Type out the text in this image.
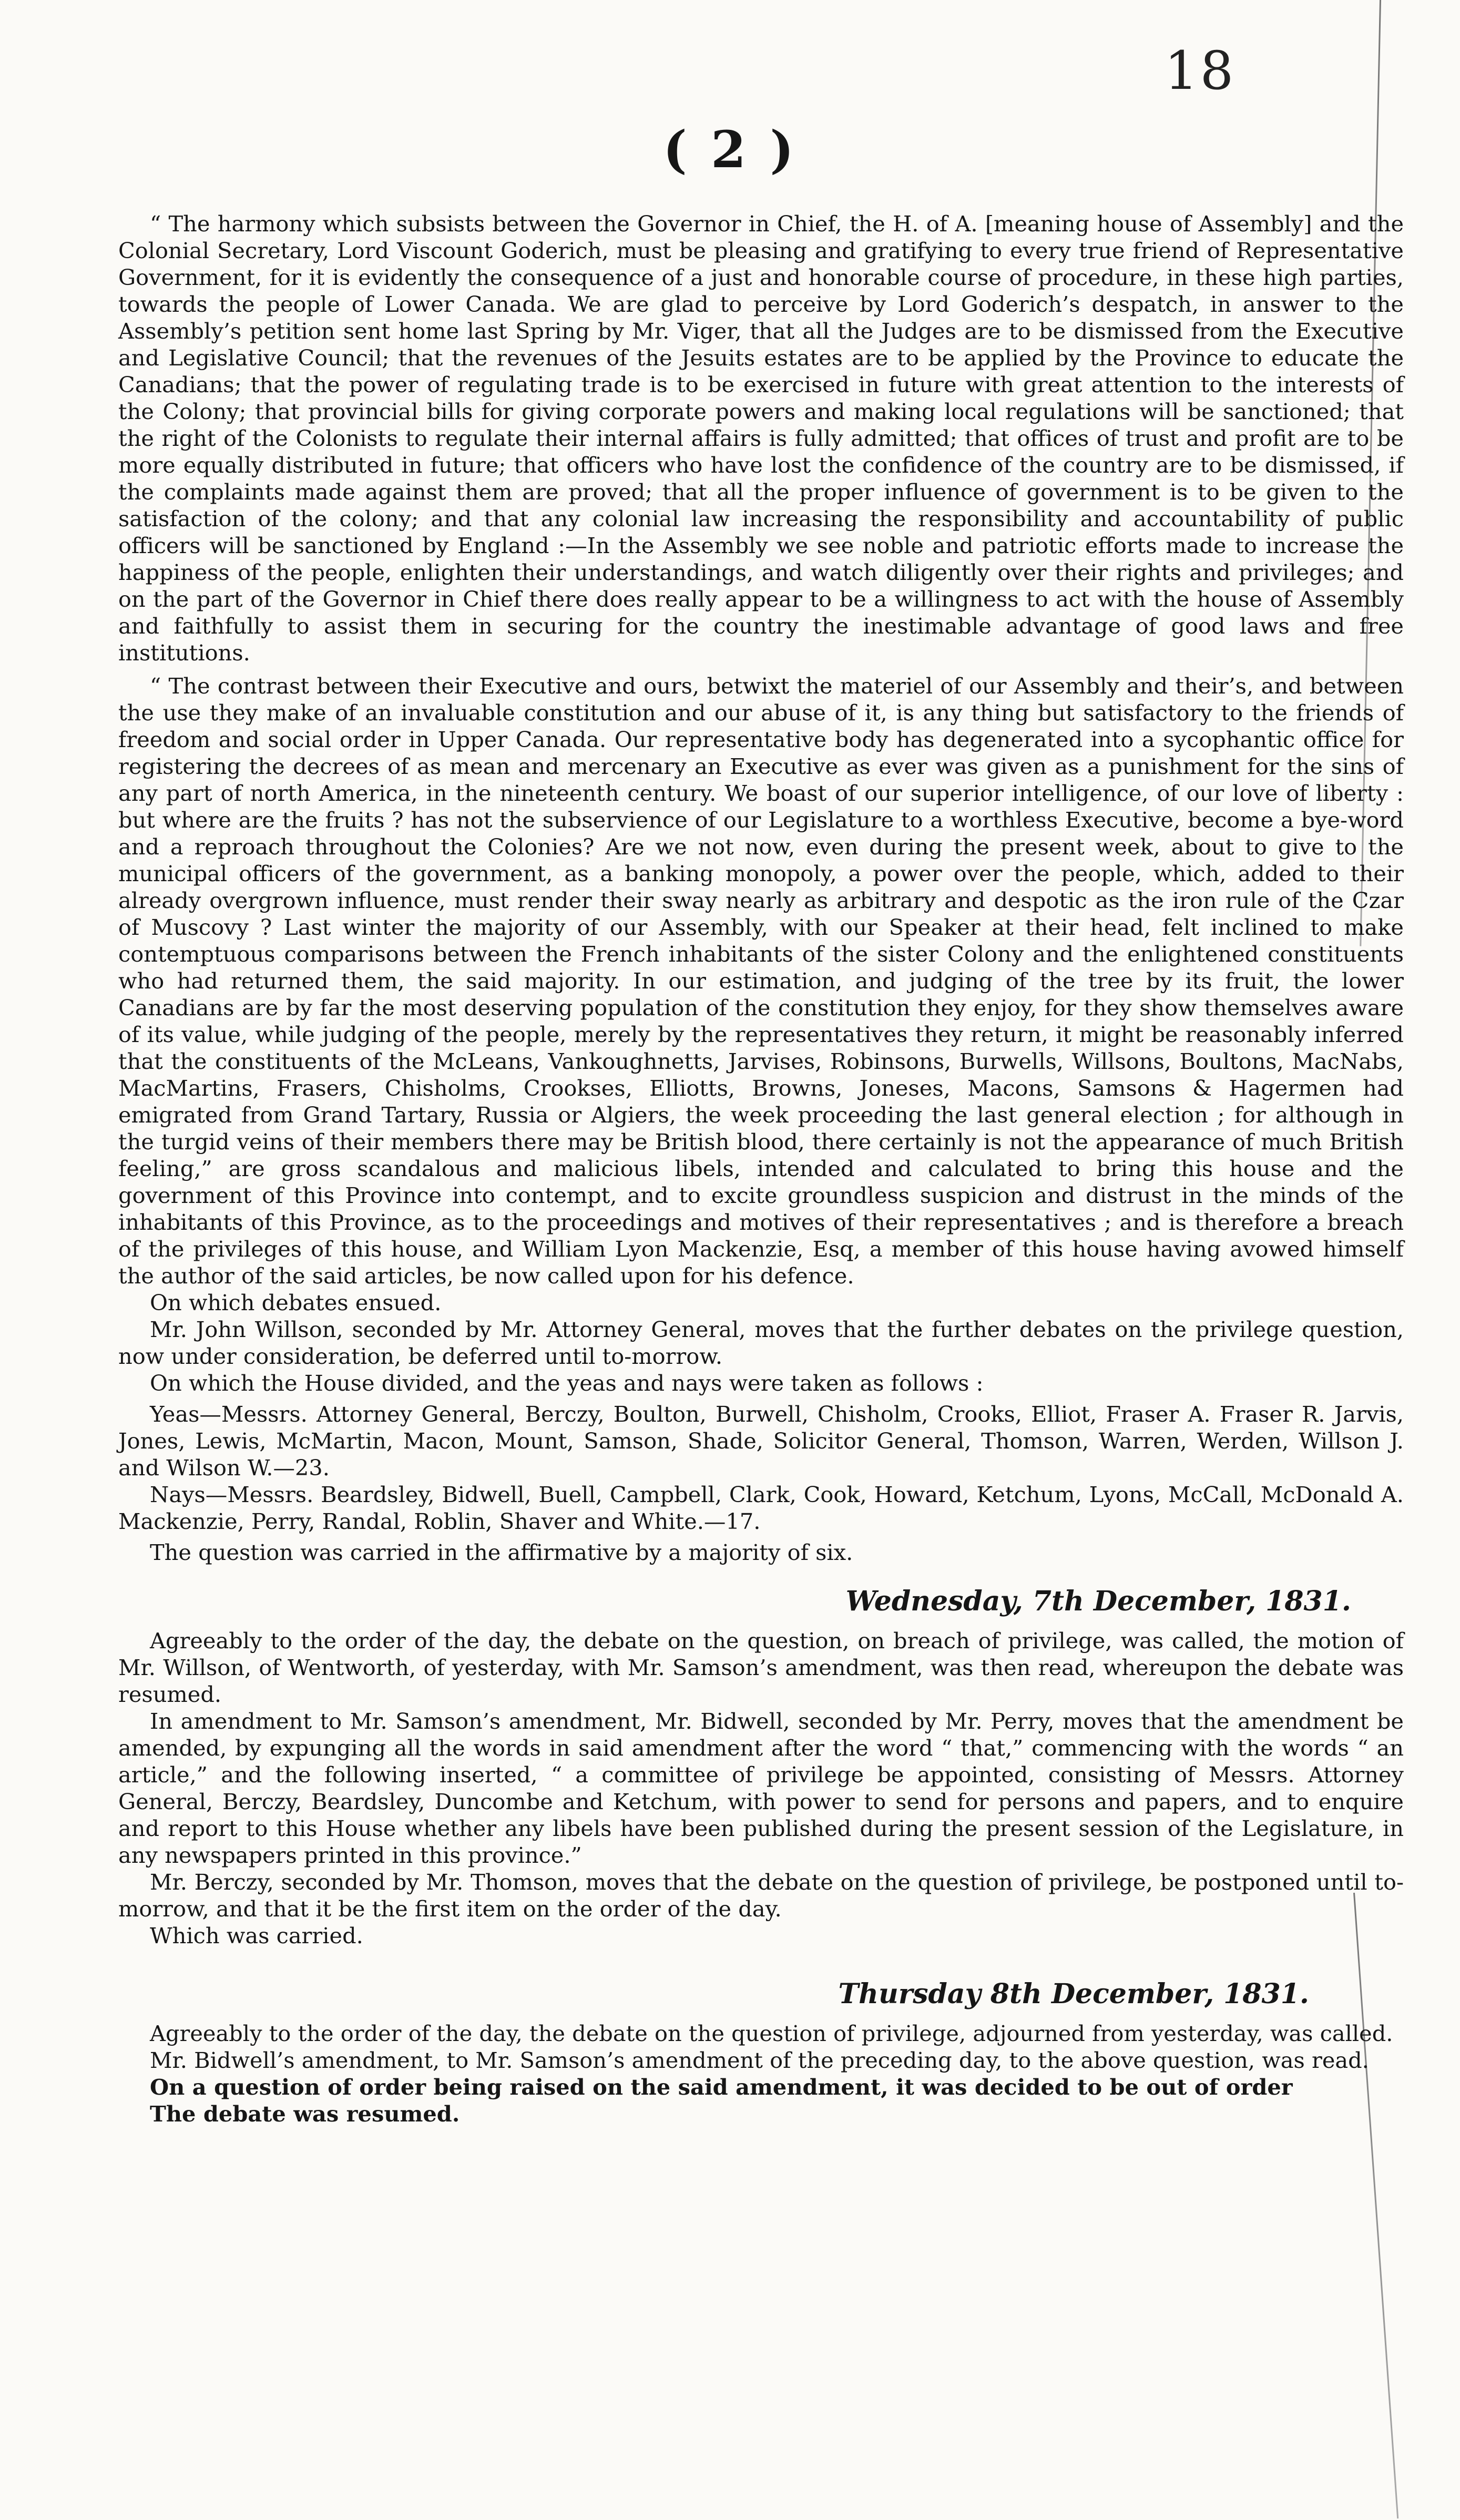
18
( 2 )

“ The harmony which subsists between the Governor in Chief, the H. of A. [meaning house of Assembly] and the Colonial Secretary, Lord Viscount Goderich, must be pleasing and gratifying to every true friend of Representative Government, for it is evidently the consequence of a just and honorable course of procedure, in these high parties, towards the people of Lower Canada. We are glad to perceive by Lord Goderich’s despatch, in answer to the Assembly’s petition sent home last Spring by Mr. Viger, that all the Judges are to be dismissed from the Executive and Legislative Council; that the revenues of the Jesuits estates are to be applied by the Province to educate the Canadians; that the power of regulating trade is to be exercised in future with great attention to the interests of the Colony; that provincial bills for giving corporate powers and making local regulations will be sanctioned; that the right of the Colonists to regulate their internal affairs is fully admitted; that offices of trust and profit are to be more equally distributed in future; that officers who have lost the confidence of the country are to be dismissed, if the complaints made against them are proved; that all the proper influence of government is to be given to the satisfaction of the colony; and that any colonial law increasing the responsibility and accountability of public officers will be sanctioned by England :—In the Assembly we see noble and patriotic efforts made to increase the happiness of the people, enlighten their understandings, and watch diligently over their rights and privileges; and on the part of the Governor in Chief there does really appear to be a willingness to act with the house of Assembly and faithfully to assist them in securing for the country the inestimable advantage of good laws and free institutions.

“ The contrast between their Executive and ours, betwixt the materiel of our Assembly and their’s, and between the use they make of an invaluable constitution and our abuse of it, is any thing but satisfactory to the friends of freedom and social order in Upper Canada. Our representative body has degenerated into a sycophantic office for registering the decrees of as mean and mercenary an Executive as ever was given as a punishment for the sins of any part of north America, in the nineteenth century. We boast of our superior intelligence, of our love of liberty : but where are the fruits ? has not the subservience of our Legislature to a worthless Executive, become a bye-word and a reproach throughout the Colonies? Are we not now, even during the present week, about to give to the municipal officers of the government, as a banking monopoly, a power over the people, which, added to their already overgrown influence, must render their sway nearly as arbitrary and despotic as the iron rule of the Czar of Muscovy ? Last winter the majority of our Assembly, with our Speaker at their head, felt inclined to make contemptuous comparisons between the French inhabitants of the sister Colony and the enlightened constituents who had returned them, the said majority. In our estimation, and judging of the tree by its fruit, the lower Canadians are by far the most deserving population of the constitution they enjoy, for they show themselves aware of its value, while judging of the people, merely by the representatives they return, it might be reasonably inferred that the constituents of the McLeans, Vankoughnetts, Jarvises, Robinsons, Burwells, Willsons, Boultons, MacNabs, MacMartins, Frasers, Chisholms, Crookses, Elliotts, Browns, Joneses, Macons, Samsons & Hagermen had emigrated from Grand Tartary, Russia or Algiers, the week proceeding the last general election ; for although in the turgid veins of their members there may be British blood, there certainly is not the appearance of much British feeling,” are gross scandalous and malicious libels, intended and calculated to bring this house and the government of this Province into contempt, and to excite groundless suspicion and distrust in the minds of the inhabitants of this Province, as to the proceedings and motives of their representatives ; and is therefore a breach of the privileges of this house, and William Lyon Mackenzie, Esq, a member of this house having avowed himself the author of the said articles, be now called upon for his defence.

On which debates ensued.

Mr. John Willson, seconded by Mr. Attorney General, moves that the further debates on the privilege question, now under consideration, be deferred until to-morrow.

On which the House divided, and the yeas and nays were taken as follows :

Yeas—Messrs. Attorney General, Berczy, Boulton, Burwell, Chisholm, Crooks, Elliot, Fraser A. Fraser R. Jarvis, Jones, Lewis, McMartin, Macon, Mount, Samson, Shade, Solicitor General, Thomson, Warren, Werden, Willson J. and Wilson W.—23.

Nays—Messrs. Beardsley, Bidwell, Buell, Campbell, Clark, Cook, Howard, Ketchum, Lyons, McCall, McDonald A. Mackenzie, Perry, Randal, Roblin, Shaver and White.—17.

The question was carried in the affirmative by a majority of six.

Wednesday, 7th December, 1831.

Agreeably to the order of the day, the debate on the question, on breach of privilege, was called, the motion of Mr. Willson, of Wentworth, of yesterday, with Mr. Samson’s amendment, was then read, whereupon the debate was resumed.

In amendment to Mr. Samson’s amendment, Mr. Bidwell, seconded by Mr. Perry, moves that the amendment be amended, by expunging all the words in said amendment after the word “ that,” commencing with the words “ an article,” and the following inserted, “ a committee of privilege be appointed, consisting of Messrs. Attorney General, Berczy, Beardsley, Duncombe and Ketchum, with power to send for persons and papers, and to enquire and report to this House whether any libels have been published during the present session of the Legislature, in any newspapers printed in this province.”

Mr. Berczy, seconded by Mr. Thomson, moves that the debate on the question of privilege, be postponed until to-morrow, and that it be the first item on the order of the day.

Which was carried.

Thursday 8th December, 1831.

Agreeably to the order of the day, the debate on the question of privilege, adjourned from yesterday, was called.

Mr. Bidwell’s amendment, to Mr. Samson’s amendment of the preceding day, to the above question, was read.

On a question of order being raised on the said amendment, it was decided to be out of order

The debate was resumed.
